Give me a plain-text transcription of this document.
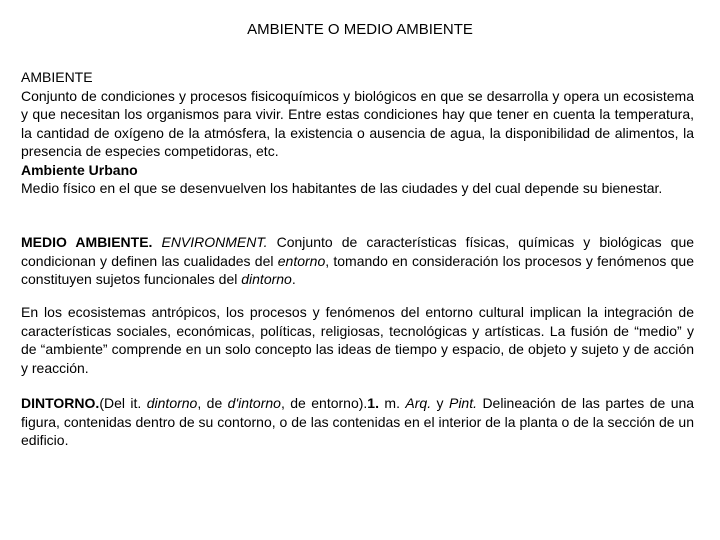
AMBIENTE O MEDIO AMBIENTE
AMBIENTE
Conjunto de condiciones y procesos fisicoquímicos y biológicos en que se desarrolla y opera un ecosistema y que necesitan los organismos para vivir. Entre estas condiciones hay que tener en cuenta la temperatura, la cantidad de oxígeno de la atmósfera, la existencia o ausencia de agua, la disponibilidad de alimentos, la presencia de especies competidoras, etc.
Ambiente Urbano
Medio físico en el que se desenvuelven los habitantes de las ciudades y del cual depende su bienestar.
MEDIO AMBIENTE. ENVIRONMENT. Conjunto de características físicas, químicas y biológicas que condicionan y definen las cualidades del entorno, tomando en consideración los procesos y fenómenos que constituyen sujetos funcionales del dintorno.
En los ecosistemas antrópicos, los procesos y fenómenos del entorno cultural implican la integración de características sociales, económicas, políticas, religiosas, tecnológicas y artísticas. La fusión de “medio” y de “ambiente” comprende en un solo concepto las ideas de tiempo y espacio, de objeto y sujeto y de acción y reacción.
DINTORNO.(Del it. dintorno, de d'intorno, de entorno).1. m. Arq. y Pint. Delineación de las partes de una figura, contenidas dentro de su contorno, o de las contenidas en el interior de la planta o de la sección de un edificio.
